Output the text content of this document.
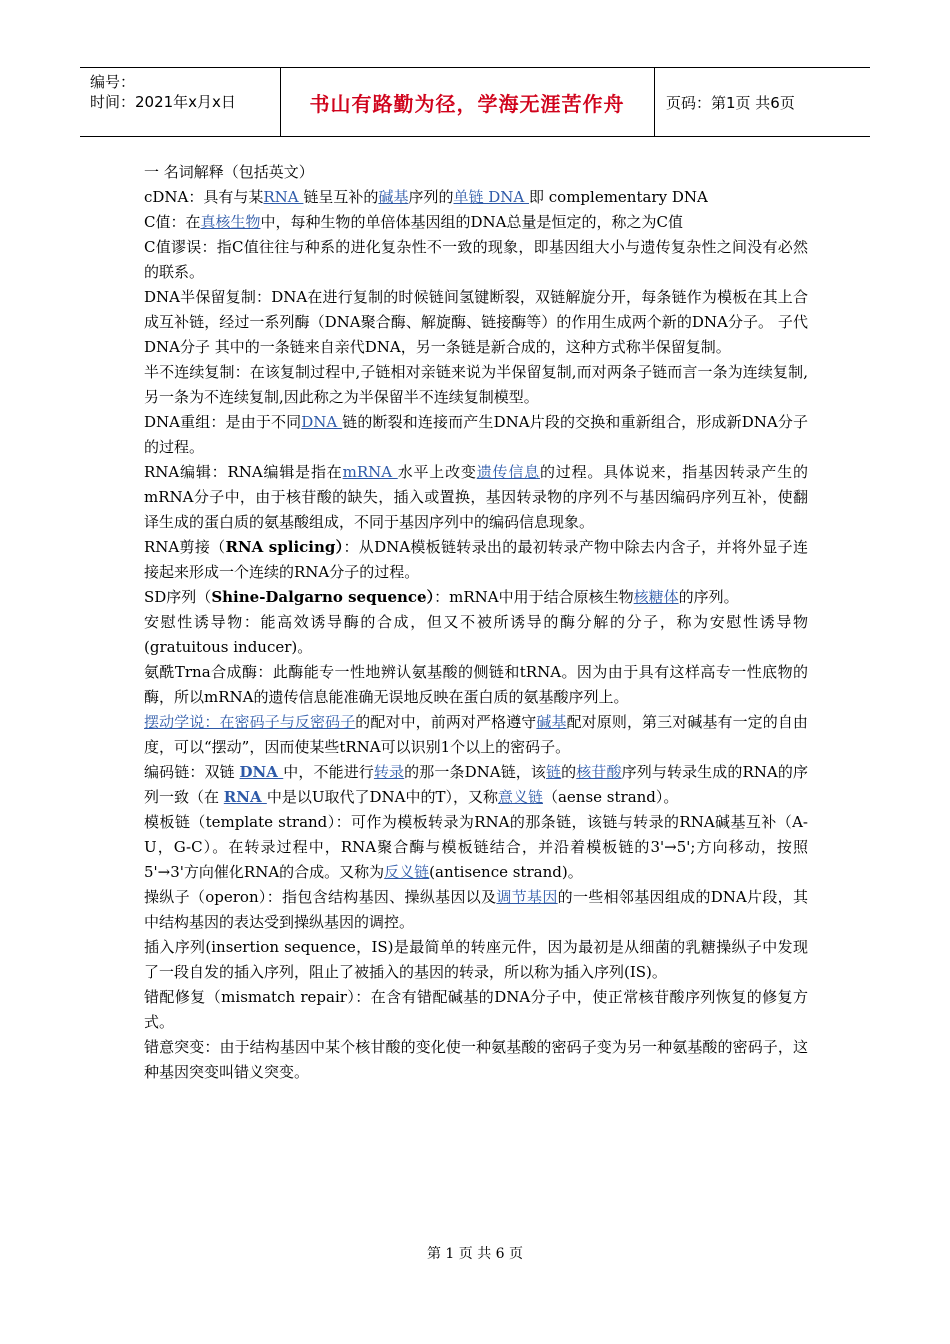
编号：
时间：2021年x月x日	书山有路勤为径，学海无涯苦作舟	页码：第1页 共6页

一 名词解释（包括英文）

cDNA：具有与某RNA 链呈互补的碱基序列的单链 DNA 即 complementary DNA

C值：在真核生物中，每种生物的单倍体基因组的DNA总量是恒定的，称之为C值

C值谬误：指C值往往与种系的进化复杂性不一致的现象，即基因组大小与遗传复杂性之间没有必然的联系。

DNA半保留复制：DNA在进行复制的时候链间氢键断裂，双链解旋分开，每条链作为模板在其上合成互补链，经过一系列酶（DNA聚合酶、解旋酶、链接酶等）的作用生成两个新的DNA分子。 子代DNA分子 其中的一条链来自亲代DNA，另一条链是新合成的，这种方式称半保留复制。

半不连续复制：在该复制过程中,子链相对亲链来说为半保留复制,而对两条子链而言一条为连续复制,另一条为不连续复制,因此称之为半保留半不连续复制模型。

DNA重组：是由于不同DNA 链的断裂和连接而产生DNA片段的交换和重新组合，形成新DNA分子的过程。

RNA编辑：RNA编辑是指在mRNA 水平上改变遗传信息的过程。具体说来，指基因转录产生的mRNA分子中，由于核苷酸的缺失，插入或置换，基因转录物的序列不与基因编码序列互补，使翻译生成的蛋白质的氨基酸组成，不同于基因序列中的编码信息现象。

RNA剪接（RNA splicing）：从DNA模板链转录出的最初转录产物中除去内含子，并将外显子连接起来形成一个连续的RNA分子的过程。

SD序列（Shine-Dalgarno sequence）：mRNA中用于结合原核生物核糖体的序列。

安慰性诱导物：能高效诱导酶的合成，但又不被所诱导的酶分解的分子，称为安慰性诱导物(gratuitous inducer)。

氨酰Trna合成酶：此酶能专一性地辨认氨基酸的侧链和tRNA。因为由于具有这样高专一性底物的酶，所以mRNA的遗传信息能准确无误地反映在蛋白质的氨基酸序列上。

摆动学说：在密码子与反密码子的配对中，前两对严格遵守碱基配对原则，第三对碱基有一定的自由度，可以“摆动”，因而使某些tRNA可以识别1个以上的密码子。

编码链：双链 DNA 中，不能进行转录的那一条DNA链，该链的核苷酸序列与转录生成的RNA的序列一致（在 RNA 中是以U取代了DNA中的T），又称意义链（aense strand）。

模板链（template strand）：可作为模板转录为RNA的那条链，该链与转录的RNA碱基互补（A-U，G-C）。在转录过程中，RNA聚合酶与模板链结合，并沿着模板链的3'→5';方向移动，按照5'→3'方向催化RNA的合成。又称为反义链(antisence strand)。

操纵子（operon）：指包含结构基因、操纵基因以及调节基因的一些相邻基因组成的DNA片段，其中结构基因的表达受到操纵基因的调控。

插入序列(insertion sequence，IS)是最简单的转座元件，因为最初是从细菌的乳糖操纵子中发现了一段自发的插入序列，阻止了被插入的基因的转录，所以称为插入序列(IS)。

错配修复（mismatch repair）：在含有错配碱基的DNA分子中，使正常核苷酸序列恢复的修复方式。

错意突变：由于结构基因中某个核甘酸的变化使一种氨基酸的密码子变为另一种氨基酸的密码子，这种基因突变叫错义突变。

第 1 页 共 6 页
